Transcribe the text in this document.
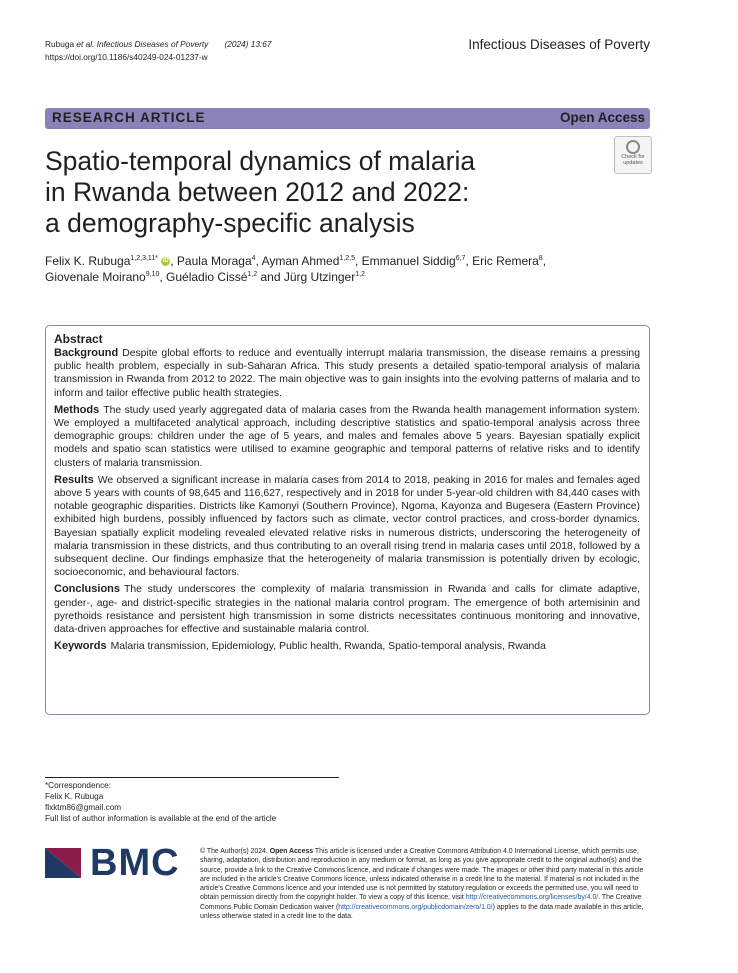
Rubuga et al. Infectious Diseases of Poverty (2024) 13:67
https://doi.org/10.1186/s40249-024-01237-w
Infectious Diseases of Poverty
RESEARCH ARTICLE	Open Access
Check for
updates
Spatio-temporal dynamics of malaria
in Rwanda between 2012 and 2022:
a demography-specific analysis
Felix K. Rubuga$^{1,2,3,11*}$ iD , Paula Moraga$^4$, Ayman Ahmed$^{1,2,5}$, Emmanuel Siddig$^{6,7}$, Eric Remera$^8$,
Giovenale Moirano$^{9,10}$, Guéladio Cissé$^{1,2}$ and Jürg Utzinger$^{1,2}$
Abstract

Background Despite global efforts to reduce and eventually interrupt malaria transmission, the disease remains a pressing public health problem, especially in sub-Saharan Africa. This study presents a detailed spatio-temporal analysis of malaria transmission in Rwanda from 2012 to 2022. The main objective was to gain insights into the evolving patterns of malaria and to inform and tailor effective public health strategies.

Methods The study used yearly aggregated data of malaria cases from the Rwanda health management information system. We employed a multifaceted analytical approach, including descriptive statistics and spatio-temporal analysis across three demographic groups: children under the age of 5 years, and males and females above 5 years. Bayesian spatially explicit models and spatio scan statistics were utilised to examine geographic and temporal patterns of relative risks and to identify clusters of malaria transmission.

Results We observed a significant increase in malaria cases from 2014 to 2018, peaking in 2016 for males and females aged above 5 years with counts of 98,645 and 116,627, respectively and in 2018 for under 5-year-old children with 84,440 cases with notable geographic disparities. Districts like Kamonyi (Southern Province), Ngoma, Kayonza and Bugesera (Eastern Province) exhibited high burdens, possibly influenced by factors such as climate, vector control practices, and cross-border dynamics. Bayesian spatially explicit modeling revealed elevated relative risks in numerous districts, underscoring the heterogeneity of malaria transmission in these districts, and thus contributing to an overall rising trend in malaria cases until 2018, followed by a subsequent decline. Our findings emphasize that the heterogeneity of malaria transmission is potentially driven by ecologic, socioeconomic, and behavioural factors.

Conclusions The study underscores the complexity of malaria transmission in Rwanda and calls for climate adaptive, gender-, age- and district-specific strategies in the national malaria control program. The emergence of both artemisinin and pyrethoids resistance and persistent high transmission in some districts necessitates continuous monitoring and innovative, data-driven approaches for effective and sustainable malaria control.

Keywords Malaria transmission, Epidemiology, Public health, Rwanda, Spatio-temporal analysis, Rwanda

*Correspondence:
Felix K. Rubuga
flxktm86@gmail.com
Full list of author information is available at the end of the article
BMC	© The Author(s) 2024. Open Access This article is licensed under a Creative Commons Attribution 4.0 International License, which permits use, sharing, adaptation, distribution and reproduction in any medium or format, as long as you give appropriate credit to the original author(s) and the source, provide a link to the Creative Commons licence, and indicate if changes were made. The images or other third party material in this article are included in the article's Creative Commons licence, unless indicated otherwise in a credit line to the material. If material is not included in the article's Creative Commons licence and your intended use is not permitted by statutory regulation or exceeds the permitted use, you will need to obtain permission directly from the copyright holder. To view a copy of this licence, visit http://creativecommons.org/licenses/by/4.0/. The Creative Commons Public Domain Dedication waiver (http://creativecommons.org/publicdomain/zero/1.0/) applies to the data made available in this article, unless otherwise stated in a credit line to the data.
